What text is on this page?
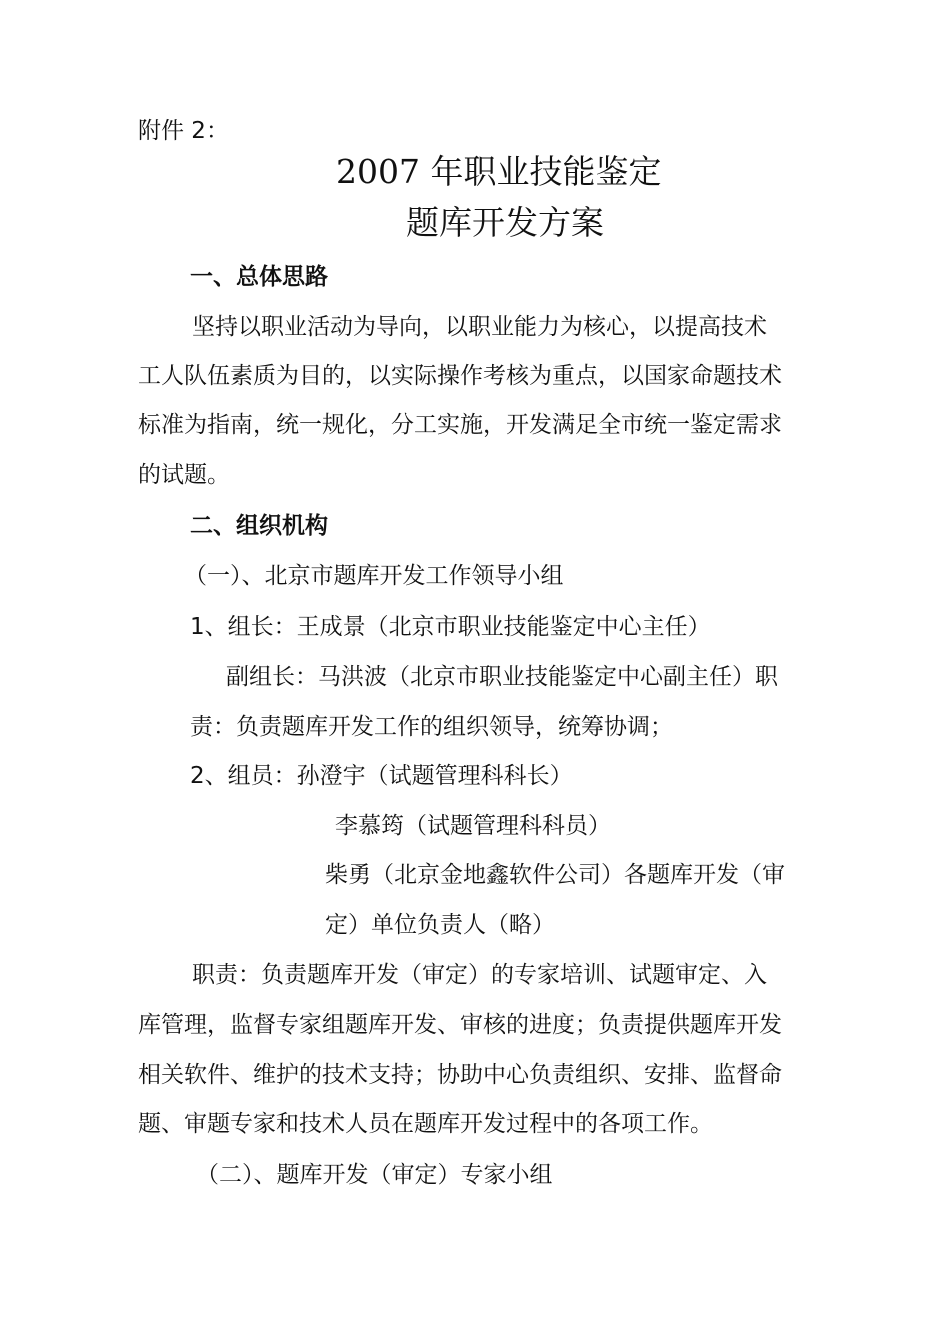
附件 2：
2007 年职业技能鉴定
题库开发方案
一、总体思路
坚持以职业活动为导向，以职业能力为核心，以提高技术
工人队伍素质为目的，以实际操作考核为重点，以国家命题技术
标准为指南，统一规化，分工实施，开发满足全市统一鉴定需求
的试题。
二、组织机构
（一）、北京市题库开发工作领导小组
1、组长：王成景（北京市职业技能鉴定中心主任）
副组长：马洪波（北京市职业技能鉴定中心副主任）职
责：负责题库开发工作的组织领导，统筹协调；
2、组员：孙澄宇（试题管理科科长）
李慕筠（试题管理科科员）
柴勇（北京金地鑫软件公司）各题库开发（审
定）单位负责人（略）
职责：负责题库开发（审定）的专家培训、试题审定、入
库管理，监督专家组题库开发、审核的进度；负责提供题库开发
相关软件、维护的技术支持；协助中心负责组织、安排、监督命
题、审题专家和技术人员在题库开发过程中的各项工作。
（二）、题库开发（审定）专家小组
